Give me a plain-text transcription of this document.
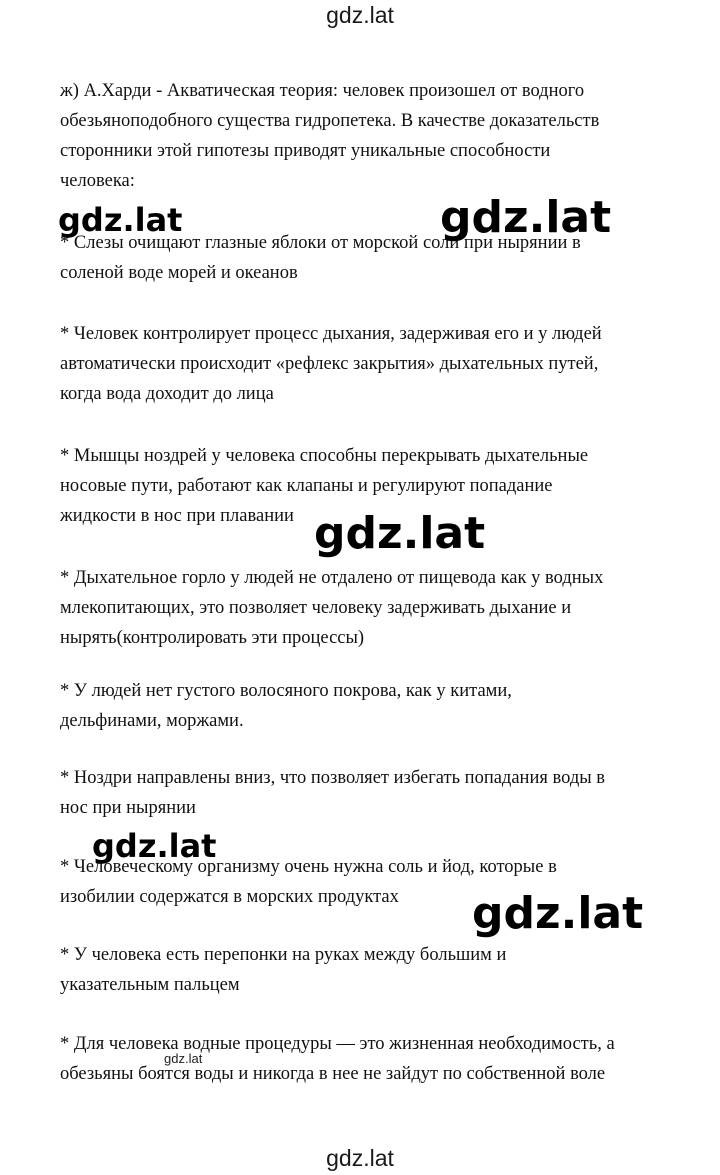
gdz.lat
ж) А.Харди - Акватическая теория: человек произошел от водного
обезьяноподобного существа гидропетека. В качестве доказательств
сторонники этой гипотезы приводят уникальные способности
человека:
* Слезы очищают глазные яблоки от морской соли при нырянии в
соленой воде морей и океанов
* Человек контролирует процесс дыхания, задерживая его и у людей
автоматически происходит «рефлекс закрытия» дыхательных путей,
когда вода доходит до лица
* Мышцы ноздрей у человека способны перекрывать дыхательные
носовые пути, работают как клапаны и регулируют попадание
жидкости в нос при плавании
* Дыхательное горло у людей не отдалено от пищевода как у водных
млекопитающих, это позволяет человеку задерживать дыхание и
нырять(контролировать эти процессы)
* У людей нет густого волосяного покрова, как у китами,
дельфинами, моржами.
* Ноздри направлены вниз, что позволяет избегать попадания воды в
нос при нырянии
* Человеческому организму очень нужна соль и йод, которые в
изобилии содержатся в морских продуктах
* У человека есть перепонки на руках между большим и
указательным пальцем
* Для человека водные процедуры — это жизненная необходимость, а
обезьяны боятся воды и никогда в нее не зайдут по собственной воле
gdz.lat	gdz.lat
gdz.lat
gdz.lat
gdz.lat
gdz.lat
gdz.lat
